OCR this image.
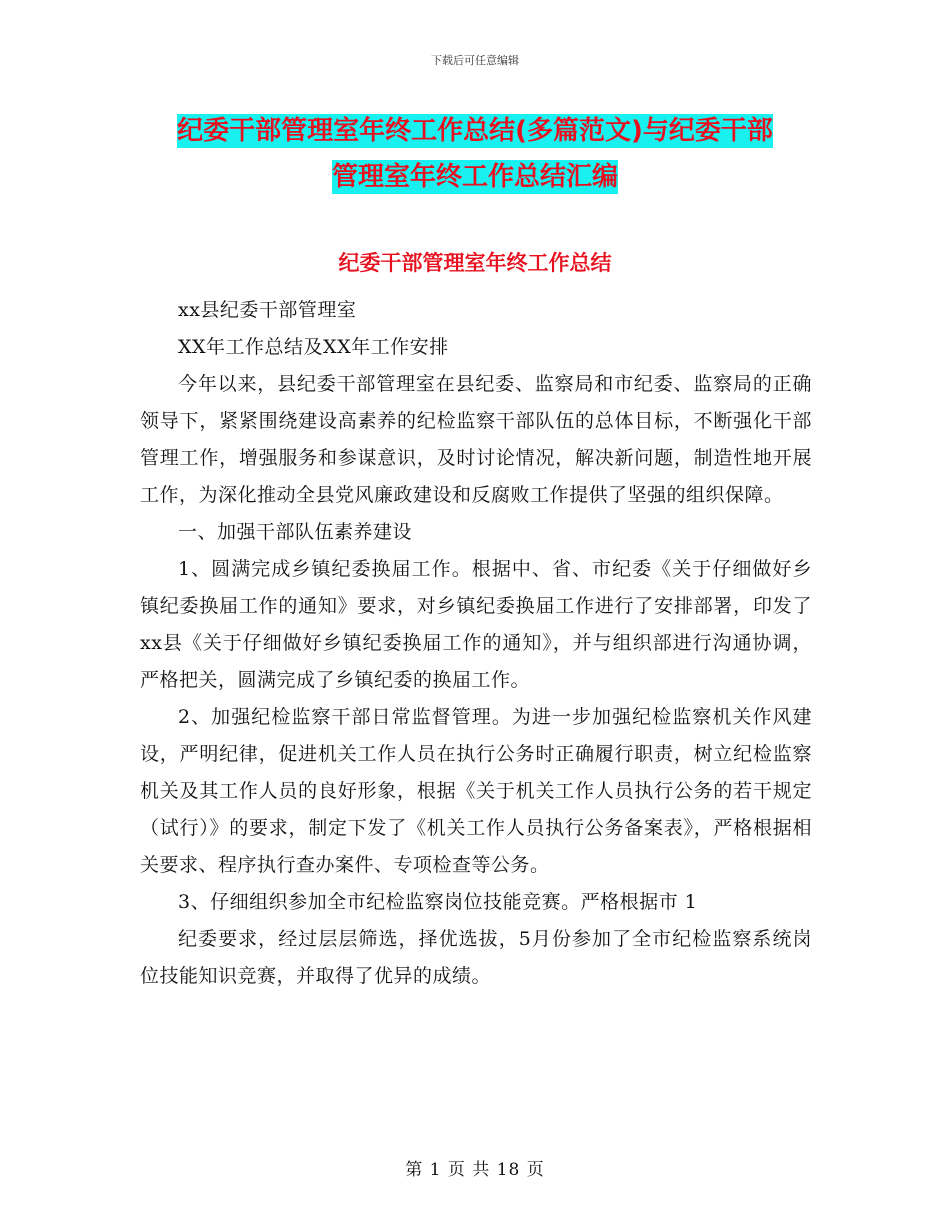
下载后可任意编辑
纪委干部管理室年终工作总结(多篇范文)与纪委干部
管理室年终工作总结汇编
纪委干部管理室年终工作总结

xx县纪委干部管理室

XX年工作总结及XX年工作安排

今年以来，县纪委干部管理室在县纪委、监察局和市纪委、监察局的正确领导下，紧紧围绕建设高素养的纪检监察干部队伍的总体目标，不断强化干部管理工作，增强服务和参谋意识，及时讨论情况，解决新问题，制造性地开展工作，为深化推动全县党风廉政建设和反腐败工作提供了坚强的组织保障。

一、加强干部队伍素养建设

1、圆满完成乡镇纪委换届工作。根据中、省、市纪委《关于仔细做好乡镇纪委换届工作的通知》要求，对乡镇纪委换届工作进行了安排部署，印发了xx县《关于仔细做好乡镇纪委换届工作的通知》，并与组织部进行沟通协调，严格把关，圆满完成了乡镇纪委的换届工作。

2、加强纪检监察干部日常监督管理。为进一步加强纪检监察机关作风建设，严明纪律，促进机关工作人员在执行公务时正确履行职责，树立纪检监察机关及其工作人员的良好形象，根据《关于机关工作人员执行公务的若干规定（试行）》的要求，制定下发了《机关工作人员执行公务备案表》，严格根据相关要求、程序执行查办案件、专项检查等公务。

3、仔细组织参加全市纪检监察岗位技能竞赛。严格根据市 1

纪委要求，经过层层筛选，择优选拔，5月份参加了全市纪检监察系统岗位技能知识竞赛，并取得了优异的成绩。

第 1 页 共 18 页
